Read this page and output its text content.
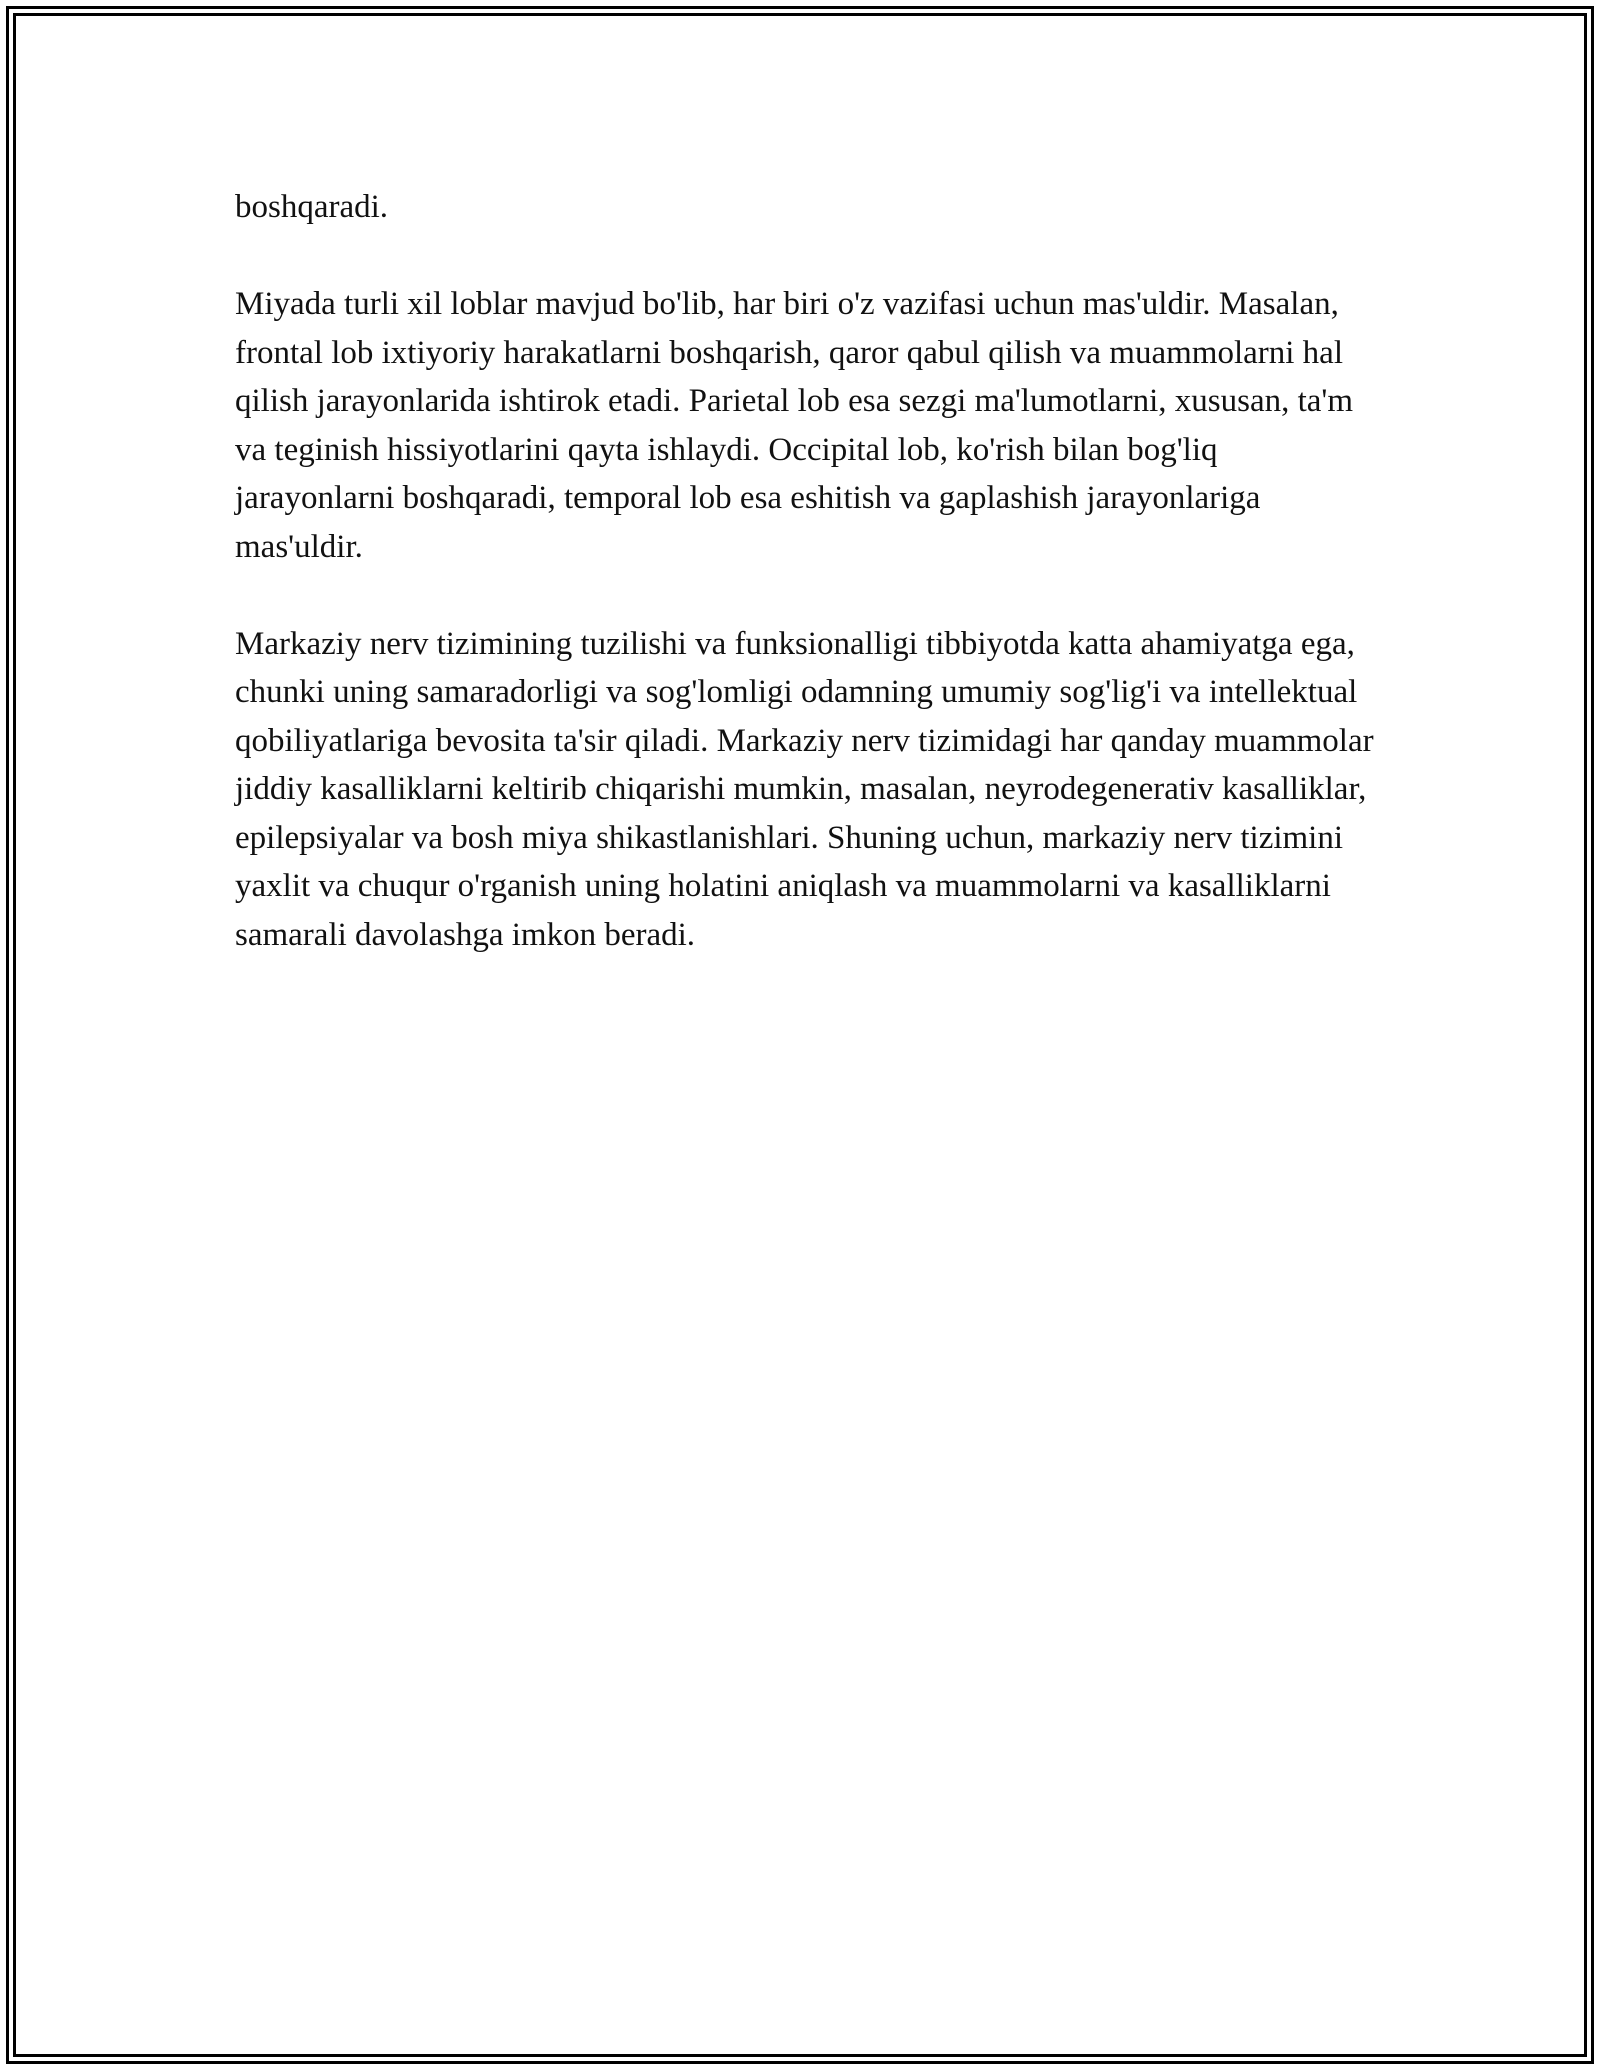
boshqaradi.

Miyada turli xil loblar mavjud bo'lib, har biri o'z vazifasi uchun mas'uldir. Masalan, frontal lob ixtiyoriy harakatlarni boshqarish, qaror qabul qilish va muammolarni hal qilish jarayonlarida ishtirok etadi. Parietal lob esa sezgi ma'lumotlarni, xususan, ta'm va teginish hissiyotlarini qayta ishlaydi. Occipital lob, ko'rish bilan bog'liq jarayonlarni boshqaradi, temporal lob esa eshitish va gaplashish jarayonlariga mas'uldir.

Markaziy nerv tizimining tuzilishi va funksionalligi tibbiyotda katta ahamiyatga ega, chunki uning samaradorligi va sog'lomligi odamning umumiy sog'lig'i va intellektual qobiliyatlariga bevosita ta'sir qiladi. Markaziy nerv tizimidagi har qanday muammolar jiddiy kasalliklarni keltirib chiqarishi mumkin, masalan, neyrodegenerativ kasalliklar, epilepsiyalar va bosh miya shikastlanishlari. Shuning uchun, markaziy nerv tizimini yaxlit va chuqur o'rganish uning holatini aniqlash va muammolarni va kasalliklarni samarali davolashga imkon beradi.
